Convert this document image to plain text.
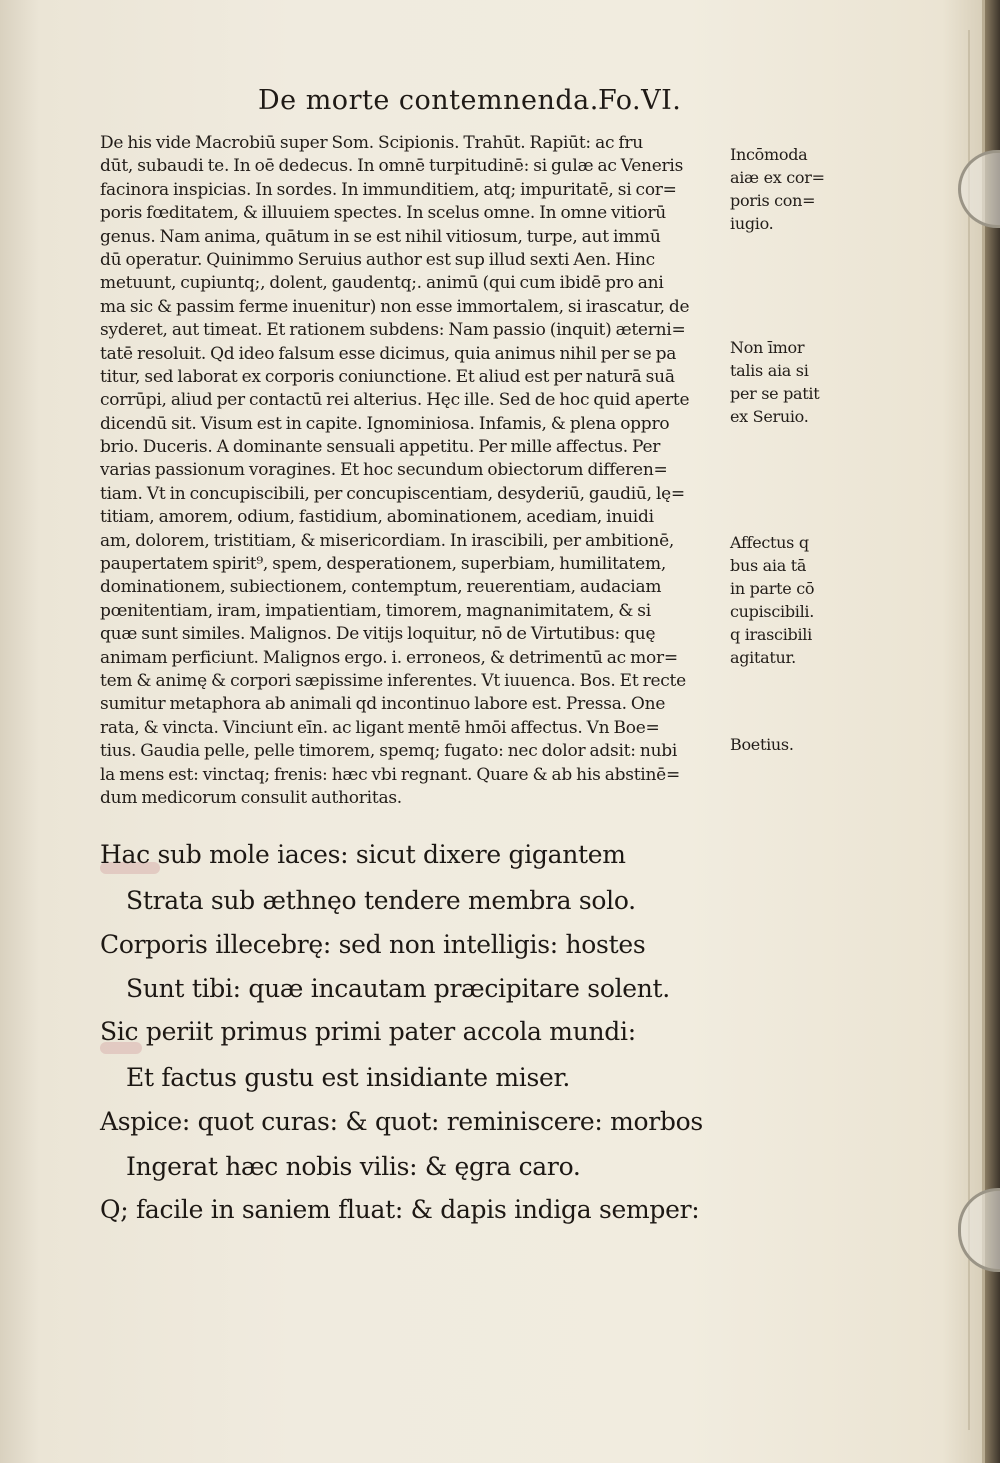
De morte contemnenda. Fo.VI.
De his vide Macrobiū super Som. Scipionis. Trahūt. Rapiūt: ac fru
dūt, subaudi te. In oē dedecus. In omnē turpitudinē: si gulæ ac Veneris
facinora inspicias. In sordes. In immunditiem, atq; impuritatē, si cor=
poris fœditatem, & illuuiem spectes. In scelus omne. In omne vitiorū
genus. Nam anima, quātum in se est nihil vitiosum, turpe, aut immū
dū operatur. Quinimmo Seruius author est sup illud sexti Aen. Hinc
metuunt, cupiuntq;, dolent, gaudentq;. animū (qui cum ibidē pro ani
ma sic & passim ferme inuenitur) non esse immortalem, si irascatur, de
syderet, aut timeat. Et rationem subdens: Nam passio (inquit) æterni=
tatē resoluit. Qd ideo falsum esse dicimus, quia animus nihil per se pa
titur, sed laborat ex corporis coniunctione. Et aliud est per naturā suā
corrūpi, aliud per contactū rei alterius. Hęc ille. Sed de hoc quid aperte
dicendū sit. Visum est in capite. Ignominiosa. Infamis, & plena oppro
brio. Duceris. A dominante sensuali appetitu. Per mille affectus. Per
varias passionum voragines. Et hoc secundum obiectorum differen=
tiam. Vt in concupiscibili, per concupiscentiam, desyderiū, gaudiū, lę=
titiam, amorem, odium, fastidium, abominationem, acediam, inuidi
am, dolorem, tristitiam, & misericordiam. In irascibili, per ambitionē,
paupertatem spirit⁹, spem, desperationem, superbiam, humilitatem,
dominationem, subiectionem, contemptum, reuerentiam, audaciam
pœnitentiam, iram, impatientiam, timorem, magnanimitatem, & si
quæ sunt similes. Malignos. De vitijs loquitur, nō de Virtutibus: quę
animam perficiunt. Malignos ergo. i. erroneos, & detrimentū ac mor=
tem & animę & corpori sæpissime inferentes. Vt iuuenca. Bos. Et recte
sumitur metaphora ab animali qd incontinuo labore est. Pressa. One
rata, & vincta. Vinciunt eīn. ac ligant mentē hmōi affectus. Vn Boe=
tius. Gaudia pelle, pelle timorem, spemq; fugato: nec dolor adsit: nubi
la mens est: vinctaq; frenis: hæc vbi regnant. Quare & ab his abstinē=
dum medicorum consulit authoritas.
Incōmoda
aiæ ex cor=
poris con=
iugio.
Non īmor
talis aia si
per se patit
ex Seruio.
Affectus q
bus aia tā
in parte cō
cupiscibili.
q irascibili
agitatur.
Boetius.
Hac sub mole iaces: sicut dixere gigantem
Strata sub æthnęo tendere membra solo.
Corporis illecebrę: sed non intelligis: hostes
Sunt tibi: quæ incautam præcipitare solent.
Sic periit primus primi pater accola mundi:
Et factus gustu est insidiante miser.
Aspice: quot curas: & quot: reminiscere: morbos
Ingerat hæc nobis vilis: & ęgra caro.
Q; facile in saniem fluat: & dapis indiga semper:
